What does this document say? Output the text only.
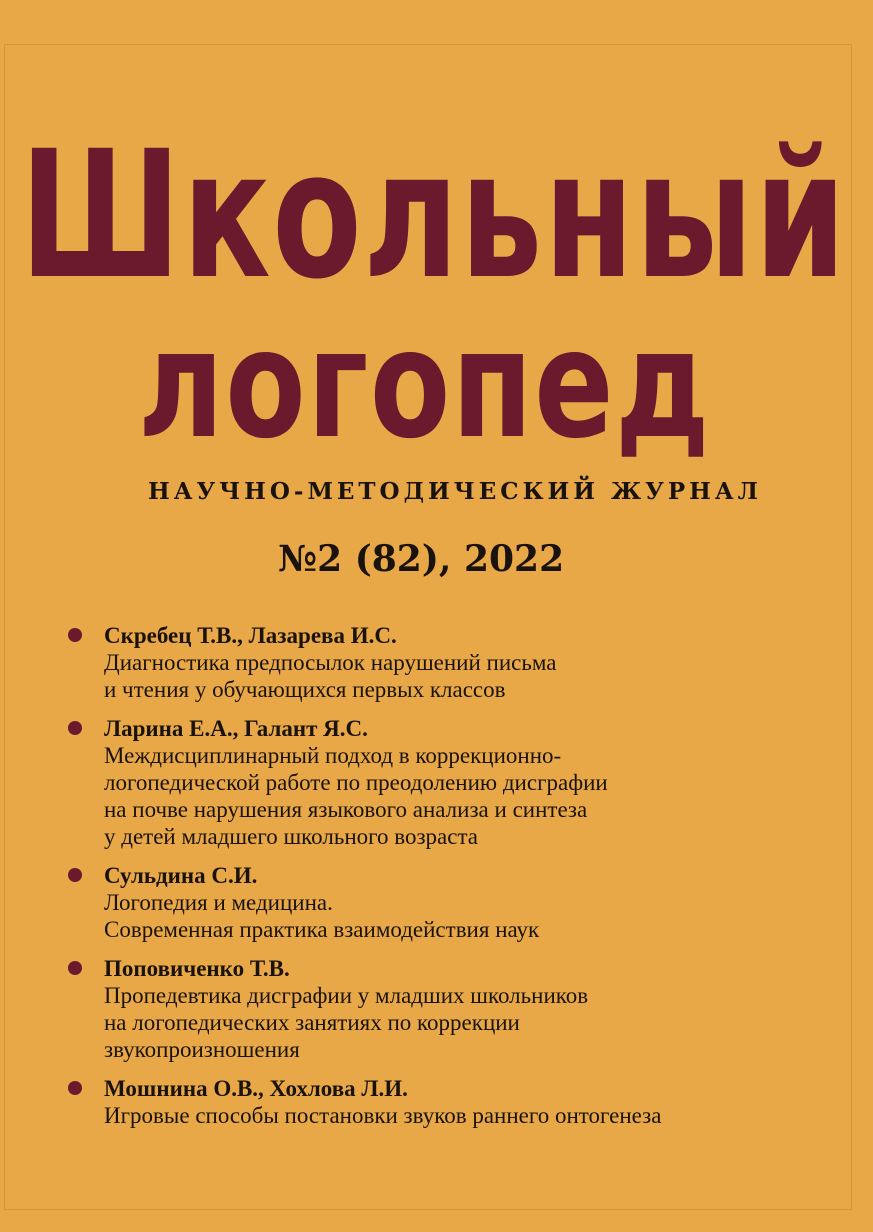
Школьный
логопед
НАУЧНО-МЕТОДИЧЕСКИЙ ЖУРНАЛ
№2 (82), 2022
Скребец Т.В., Лазарева И.С.
Диагностика предпосылок нарушений письма
и чтения у обучающихся первых классов
Ларина Е.А., Галант Я.С.
Междисциплинарный подход в коррекционно-
логопедической работе по преодолению дисграфии
на почве нарушения языкового анализа и синтеза
у детей младшего школьного возраста
Сульдина С.И.
Логопедия и медицина.
Современная практика взаимодействия наук
Поповиченко Т.В.
Пропедевтика дисграфии у младших школьников
на логопедических занятиях по коррекции
звукопроизношения
Мошнина О.В., Хохлова Л.И.
Игровые способы постановки звуков раннего онтогенеза
